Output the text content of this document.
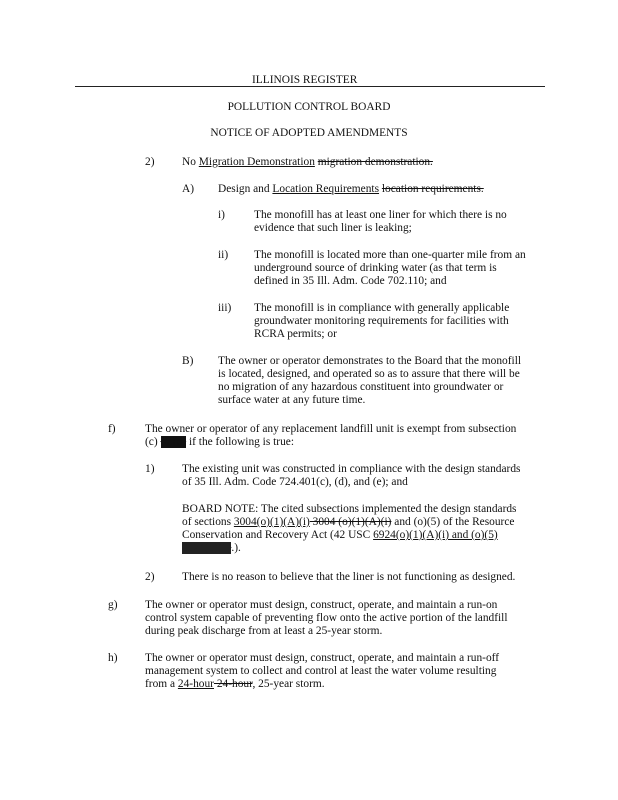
ILLINOIS REGISTER
POLLUTION CONTROL BOARD
NOTICE OF ADOPTED AMENDMENTS
2) No Migration Demonstration migration demonstration.
A) Design and Location Requirements location requirements.
i)	The monofill has at least one liner for which there is no
evidence that such liner is leaking;
ii) The monofill is located more than one-quarter mile from an
underground source of drinking water (as that term is
defined in 35 Ill. Adm. Code 702.110; and
iii) The monofill is in compliance with generally applicable
groundwater monitoring requirements for facilities with
RCRA permits; or
B) The owner or operator demonstrates to the Board that the monofill
is located, designed, and operated so as to assure that there will be
no migration of any hazardous constituent into groundwater or
surface water at any future time.
f)	The owner or operator of any replacement landfill unit is exempt from subsection
(c) or (d) if the following is true:
1) The existing unit was constructed in compliance with the design standards
of 35 Ill. Adm. Code 724.401(c), (d), and (e); and
BOARD NOTE: The cited subsections implemented the design standards
of sections 3004(o)(1)(A)(i) 3004 (o)(1)(A)(i) and (o)(5) of the Resource
Conservation and Recovery Act (42 USC 6924(o)(1)(A)(i) and (o)(5)
6924(o)(1).).
2) There is no reason to believe that the liner is not functioning as designed.
g) The owner or operator must design, construct, operate, and maintain a run-on
control system capable of preventing flow onto the active portion of the landfill
during peak discharge from at least a 25-year storm.
h) The owner or operator must design, construct, operate, and maintain a run-off
management system to collect and control at least the water volume resulting
from a 24-hour 24-hour, 25-year storm.
